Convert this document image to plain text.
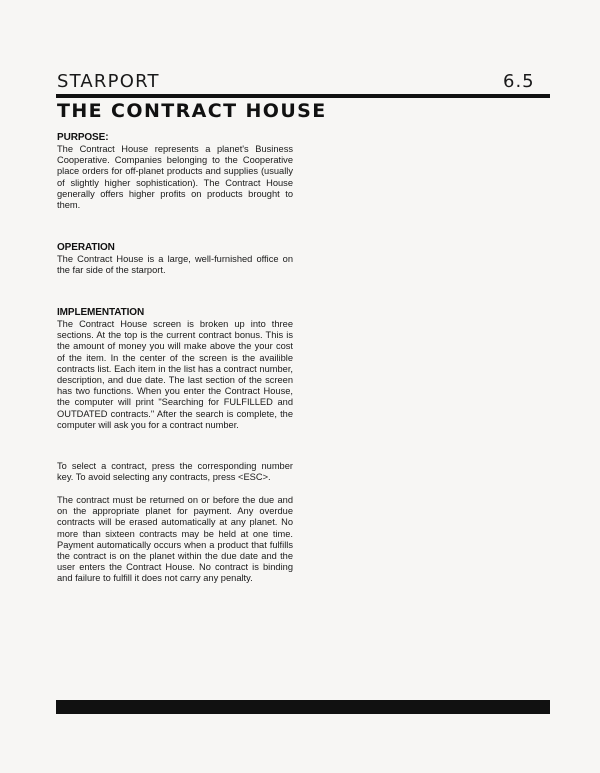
STARPORT	6.5
THE CONTRACT HOUSE
PURPOSE:

The Contract House represents a planet's Business Cooperative. Companies belonging to the Cooperative place orders for off-planet products and supplies (usually of slightly higher sophistication). The Contract House generally offers higher profits on products brought to them.

OPERATION

The Contract House is a large, well-furnished office on the far side of the starport.

IMPLEMENTATION

The Contract House screen is broken up into three sections. At the top is the current contract bonus. This is the amount of money you will make above the your cost of the item. In the center of the screen is the availible contracts list. Each item in the list has a contract number, description, and due date. The last section of the screen has two functions. When you enter the Contract House, the computer will print "Searching for FULFILLED and OUTDATED contracts." After the search is complete, the computer will ask you for a contract number.

To select a contract, press the corresponding number key. To avoid selecting any contracts, press <ESC>.

The contract must be returned on or before the due and on the appropriate planet for payment. Any overdue contracts will be erased automatically at any planet. No more than sixteen contracts may be held at one time. Payment automatically occurs when a product that fulfills the contract is on the planet within the due date and the user enters the Contract House. No contract is binding and failure to fulfill it does not carry any penalty.
